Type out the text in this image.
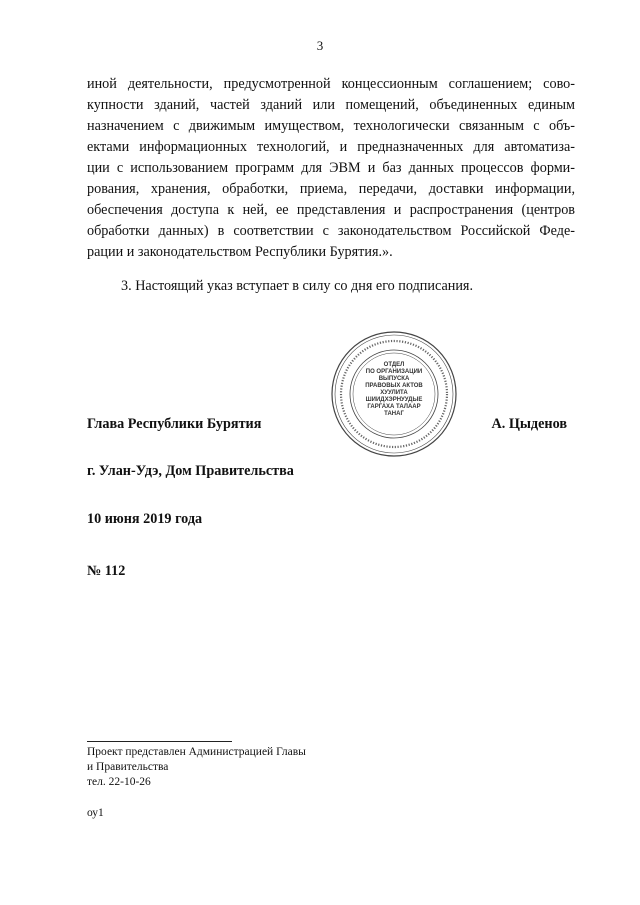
3
иной деятельности, предусмотренной концессионным соглашением; сово-
купности зданий, частей зданий или помещений, объединенных единым
назначением с движимым имуществом, технологически связанным с объ-
ектами информационных технологий, и предназначенных для автоматиза-
ции с использованием программ для ЭВМ и баз данных процессов форми-
рования, хранения, обработки, приема, передачи, доставки информации,
обеспечения доступа к ней, ее представления и распространения (центров
обработки данных) в соответствии с законодательством Российской Феде-
рации и законодательством Республики Бурятия.».
3. Настоящий указ вступает в силу со дня его подписания.
ОТДЕЛ
ПО ОРГАНИЗАЦИИ
ВЫПУСКА
ПРАВОВЫХ АКТОВ
ХУУЛИТА
ШИИДХЭРНУУДЫЕ
ГАРГАХА ТАЛААР
ТАНАГ
Глава Республики Бурятия	А. Цыденов
г. Улан-Удэ, Дом Правительства
10 июня 2019 года
№ 112
Проект представлен Администрацией Главы
и Правительства
тел. 22-10-26
оу1
